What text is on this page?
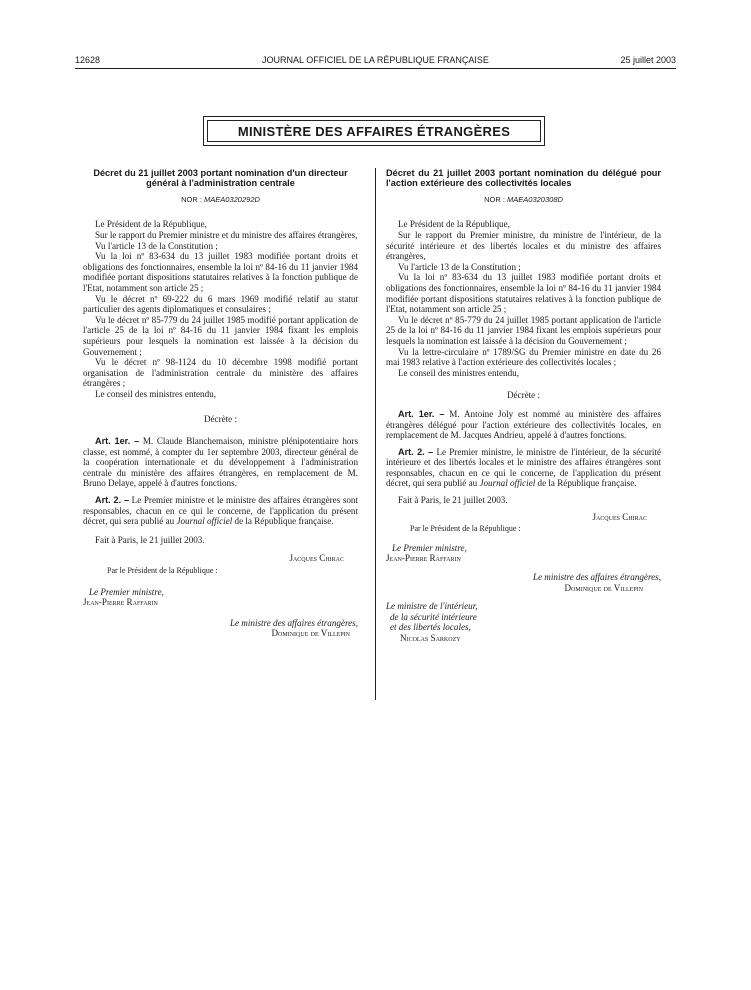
12628	JOURNAL OFFICIEL DE LA RÉPUBLIQUE FRANÇAISE	25 juillet 2003
MINISTÈRE DES AFFAIRES ÉTRANGÈRES
Décret du 21 juillet 2003 portant nomination d'un directeur général à l'administration centrale
NOR : MAEA0320292D

Le Président de la République,

Sur le rapport du Premier ministre et du ministre des affaires étrangères,

Vu l'article 13 de la Constitution ;

Vu la loi nº 83-634 du 13 juillet 1983 modifiée portant droits et obligations des fonctionnaires, ensemble la loi nº 84-16 du 11 janvier 1984 modifiée portant dispositions statutaires relatives à la fonction publique de l'Etat, notamment son article 25 ;

Vu le décret nº 69-222 du 6 mars 1969 modifié relatif au statut particulier des agents diplomatiques et consulaires ;

Vu le décret nº 85-779 du 24 juillet 1985 modifié portant application de l'article 25 de la loi nº 84-16 du 11 janvier 1984 fixant les emplois supérieurs pour lesquels la nomination est laissée à la décision du Gouvernement ;

Vu le décret nº 98-1124 du 10 décembre 1998 modifié portant organisation de l'administration centrale du ministère des affaires étrangères ;

Le conseil des ministres entendu,

Décrète :

Art. 1er. – M. Claude Blanchemaison, ministre plénipotentiaire hors classe, est nommé, à compter du 1er septembre 2003, directeur général de la coopération internationale et du développement à l'administration centrale du ministère des affaires étrangères, en remplacement de M. Bruno Delaye, appelé à d'autres fonctions.

Art. 2. – Le Premier ministre et le ministre des affaires étrangères sont responsables, chacun en ce qui le concerne, de l'application du présent décret, qui sera publié au Journal officiel de la République française.

Fait à Paris, le 21 juillet 2003.

Jacques Chirac

Par le Président de la République :

Le Premier ministre,

Jean-Pierre Raffarin

Le ministre des affaires étrangères,

Dominique de Villepin

Décret du 21 juillet 2003 portant nomination du délégué pour l'action extérieure des collectivités locales
NOR : MAEA0320308D

Le Président de la République,

Sur le rapport du Premier ministre, du ministre de l'intérieur, de la sécurité intérieure et des libertés locales et du ministre des affaires étrangères,

Vu l'article 13 de la Constitution ;

Vu la loi nº 83-634 du 13 juillet 1983 modifiée portant droits et obligations des fonctionnaires, ensemble la loi nº 84-16 du 11 janvier 1984 modifiée portant dispositions statutaires relatives à la fonction publique de l'Etat, notamment son article 25 ;

Vu le décret nº 85-779 du 24 juillet 1985 portant application de l'article 25 de la loi nº 84-16 du 11 janvier 1984 fixant les emplois supérieurs pour lesquels la nomination est laissée à la décision du Gouvernement ;

Vu la lettre-circulaire nº 1789/SG du Premier ministre en date du 26 mai 1983 relative à l'action extérieure des collectivités locales ;

Le conseil des ministres entendu,

Décrète :

Art. 1er. – M. Antoine Joly est nommé au ministère des affaires étrangères délégué pour l'action extérieure des collectivités locales, en remplacement de M. Jacques Andrieu, appelé à d'autres fonctions.

Art. 2. – Le Premier ministre, le ministre de l'intérieur, de la sécurité intérieure et des libertés locales et le ministre des affaires étrangères sont responsables, chacun en ce qui le concerne, de l'application du présent décret, qui sera publié au Journal officiel de la République française.

Fait à Paris, le 21 juillet 2003.

Jacques Chirac

Par le Président de la République :

Le Premier ministre,

Jean-Pierre Raffarin

Le ministre des affaires étrangères,

Dominique de Villepin

Le ministre de l'intérieur,

de la sécurité intérieure

et des libertés locales,

Nicolas Sarkozy
